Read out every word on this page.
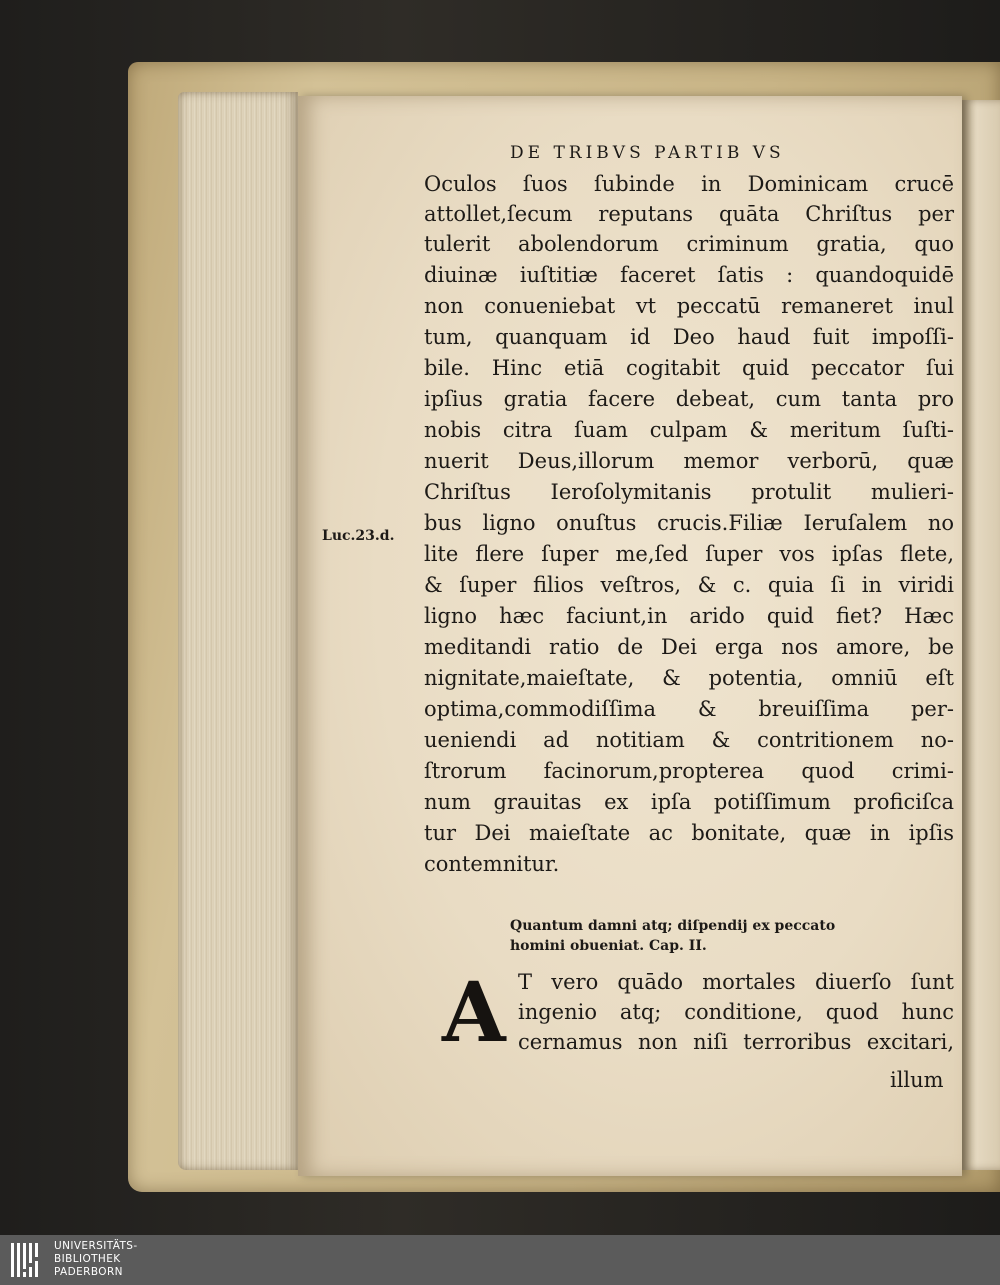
DE TRIBVS PARTIB VS
Luc.23.d.
Oculos ſuos ſubinde in Dominicam crucē
attollet,ſecum reputans quāta Chriſtus per
tulerit abolendorum criminum gratia, quo
diuinæ iuſtitiæ faceret ſatis : quandoquidē
non conueniebat vt peccatū remaneret inul
tum, quanquam id Deo haud fuit impoſſi-
bile. Hinc etiā cogitabit quid peccator ſui
ipſius gratia facere debeat, cum tanta pro
nobis citra ſuam culpam & meritum ſuſti-
nuerit Deus,illorum memor verborū, quæ
Chriſtus Ieroſolymitanis protulit mulieri-
bus ligno onuſtus crucis.Filiæ Ieruſalem no
lite flere ſuper me,ſed ſuper vos ipſas flete,
& ſuper filios veſtros, & c. quia ſi in viridi
ligno hæc faciunt,in arido quid fiet? Hæc
meditandi ratio de Dei erga nos amore, be
nignitate,maieſtate, & potentia, omniū eſt
optima,commodiſſima & breuiſſima per-
ueniendi ad notitiam & contritionem no-
ſtrorum facinorum,propterea quod crimi-
num grauitas ex ipſa potiſſimum proficiſca
tur Dei maieſtate ac bonitate, quæ in ipſis
contemnitur.
Quantum damni atq; diſpendij ex peccato
homini obueniat. Cap. II.
A T vero quādo mortales diuerſo ſunt
ingenio atq; conditione, quod hunc
cernamus non niſi terroribus excitari,
illum
UNIVERSITÄTS-
BIBLIOTHEK
PADERBORN
